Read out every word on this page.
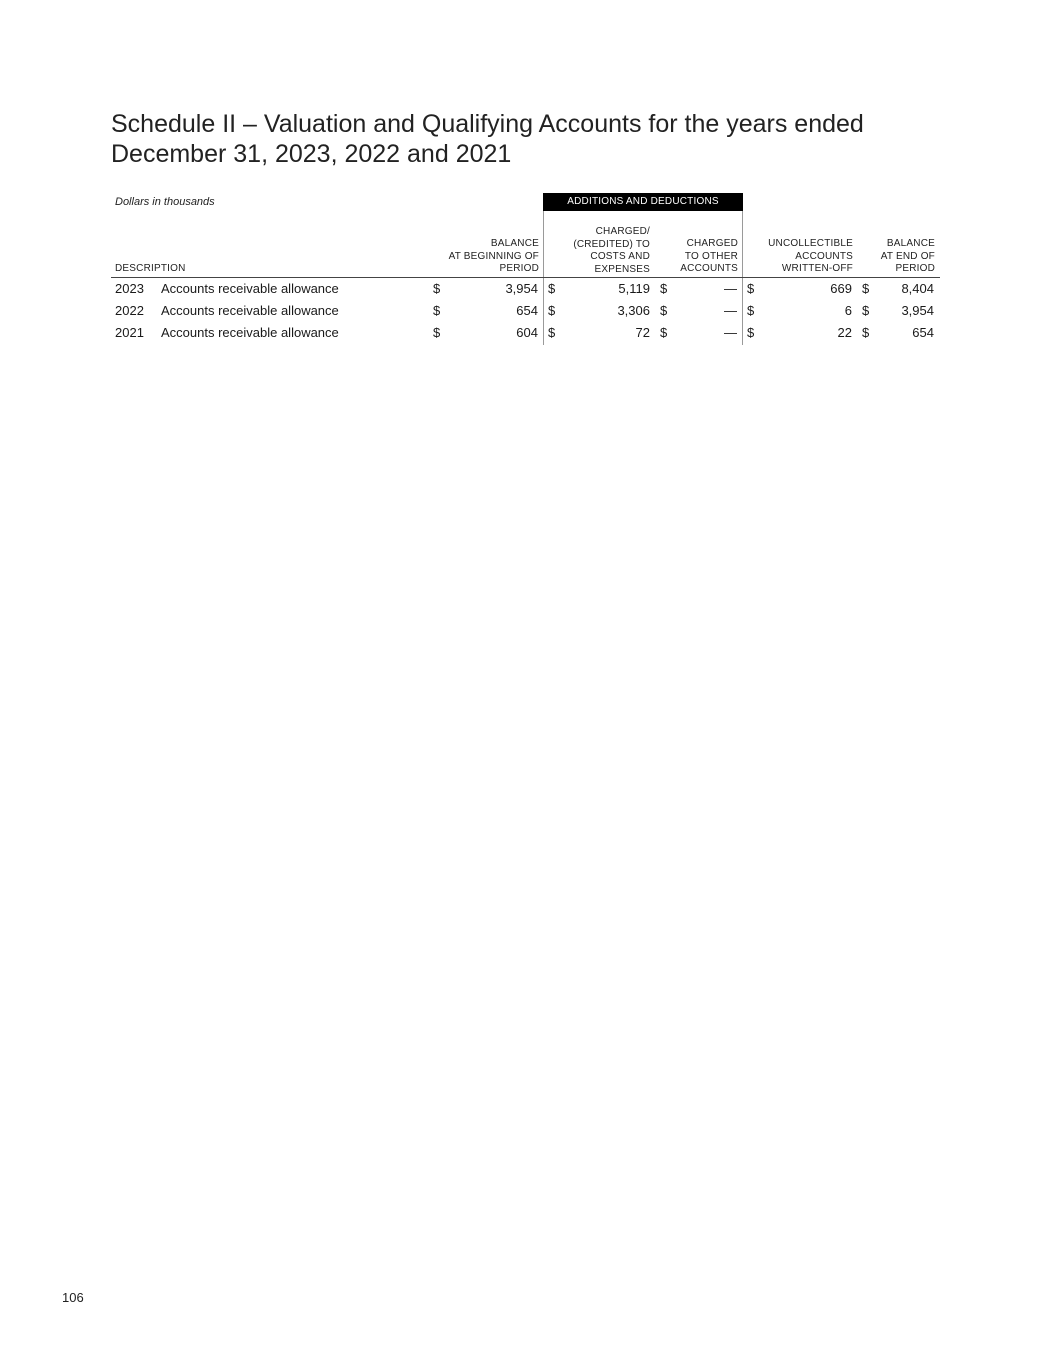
Schedule II – Valuation and Qualifying Accounts for the years ended December 31, 2023, 2022 and 2021
Dollars in thousands	ADDITIONS AND DEDUCTIONS
DESCRIPTION
BALANCE
AT BEGINNING OF
PERIOD
CHARGED/
(CREDITED) TO
COSTS AND
EXPENSES
CHARGED
TO OTHER
ACCOUNTS
UNCOLLECTIBLE
ACCOUNTS
WRITTEN-OFF
BALANCE
AT END OF
PERIOD
2023 Accounts receivable allowance	$	3,954 $	5,119 $	— $	669 $ 8,404
2022 Accounts receivable allowance	$	654 $	3,306 $	— $	6 $ 3,954
2021 Accounts receivable allowance	$	604 $	72 $	— $	22 $	654
106
